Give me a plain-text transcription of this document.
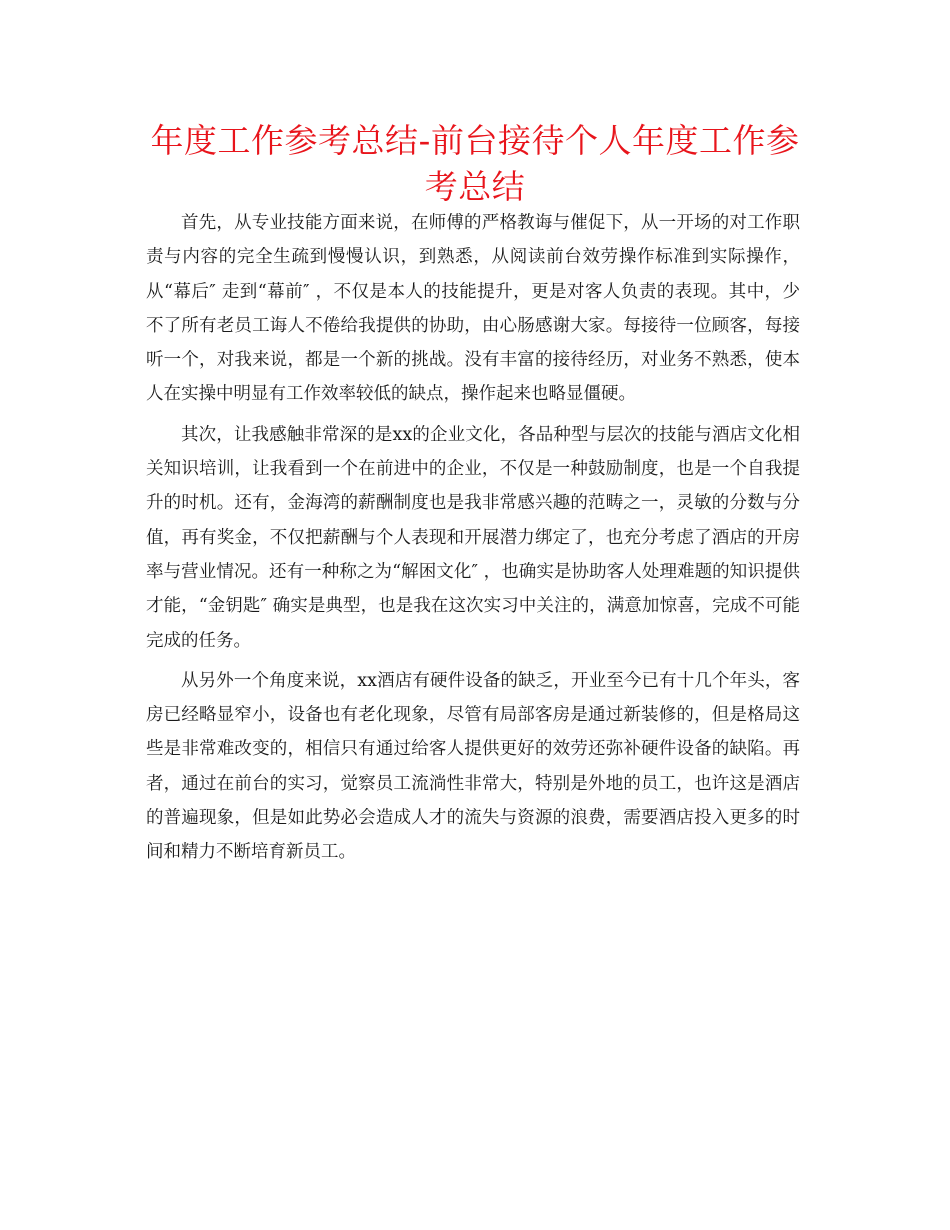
年度工作参考总结-前台接待个人年度工作参考总结

首先，从专业技能方面来说，在师傅的严格教诲与催促下，从一开场的对工作职责与内容的完全生疏到慢慢认识，到熟悉，从阅读前台效劳操作标准到实际操作，从“幕后″ 走到“幕前″ ，不仅是本人的技能提升，更是对客人负责的表现。其中，少不了所有老员工诲人不倦给我提供的协助，由心肠感谢大家。每接待一位顾客，每接听一个，对我来说，都是一个新的挑战。没有丰富的接待经历，对业务不熟悉，使本人在实操中明显有工作效率较低的缺点，操作起来也略显僵硬。

其次，让我感触非常深的是xx的企业文化，各品种型与层次的技能与酒店文化相关知识培训，让我看到一个在前进中的企业，不仅是一种鼓励制度，也是一个自我提升的时机。还有，金海湾的薪酬制度也是我非常感兴趣的范畴之一，灵敏的分数与分值，再有奖金，不仅把薪酬与个人表现和开展潜力绑定了，也充分考虑了酒店的开房率与营业情况。还有一种称之为“解困文化″ ，也确实是协助客人处理难题的知识提供才能，“金钥匙″ 确实是典型，也是我在这次实习中关注的，满意加惊喜，完成不可能完成的任务。

从另外一个角度来说，xx酒店有硬件设备的缺乏，开业至今已有十几个年头，客房已经略显窄小，设备也有老化现象，尽管有局部客房是通过新装修的，但是格局这些是非常难改变的，相信只有通过给客人提供更好的效劳还弥补硬件设备的缺陷。再者，通过在前台的实习，觉察员工流淌性非常大，特别是外地的员工，也许这是酒店的普遍现象，但是如此势必会造成人才的流失与资源的浪费，需要酒店投入更多的时间和精力不断培育新员工。
